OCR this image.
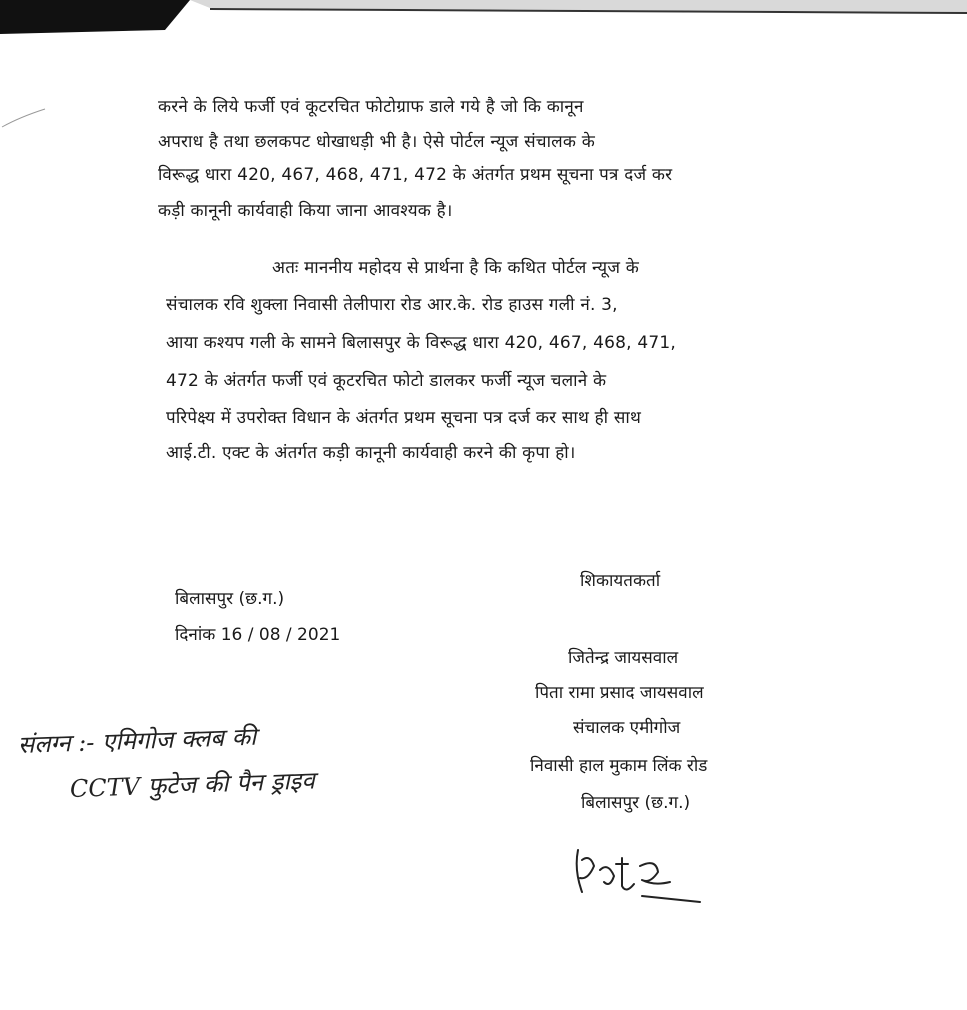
करने के लिये फर्जी एवं कूटरचित फोटोग्राफ डाले गये है जो कि कानून
अपराध है तथा छलकपट धोखाधड़ी भी है। ऐसे पोर्टल न्यूज संचालक के
विरूद्ध धारा 420, 467, 468, 471, 472 के अंतर्गत प्रथम सूचना पत्र दर्ज कर
कड़ी कानूनी कार्यवाही किया जाना आवश्यक है।
अतः माननीय महोदय से प्रार्थना है कि कथित पोर्टल न्यूज के
संचालक रवि शुक्ला निवासी तेलीपारा रोड आर.के. रोड हाउस गली नं. 3,
आया कश्यप गली के सामने बिलासपुर के विरूद्ध धारा 420, 467, 468, 471,
472 के अंतर्गत फर्जी एवं कूटरचित फोटो डालकर फर्जी न्यूज चलाने के
परिपेक्ष्य में उपरोक्त विधान के अंतर्गत प्रथम सूचना पत्र दर्ज कर साथ ही साथ
आई.टी. एक्ट के अंतर्गत कड़ी कानूनी कार्यवाही करने की कृपा हो।
बिलासपुर (छ.ग.)
दिनांक 16 / 08 / 2021
शिकायतकर्ता
जितेन्द्र जायसवाल
पिता रामा प्रसाद जायसवाल
संचालक एमीगोज
निवासी हाल मुकाम लिंक रोड
बिलासपुर (छ.ग.)
संलग्न :- एमिगोज क्लब की
CCTV फुटेज की पैन ड्राइव
